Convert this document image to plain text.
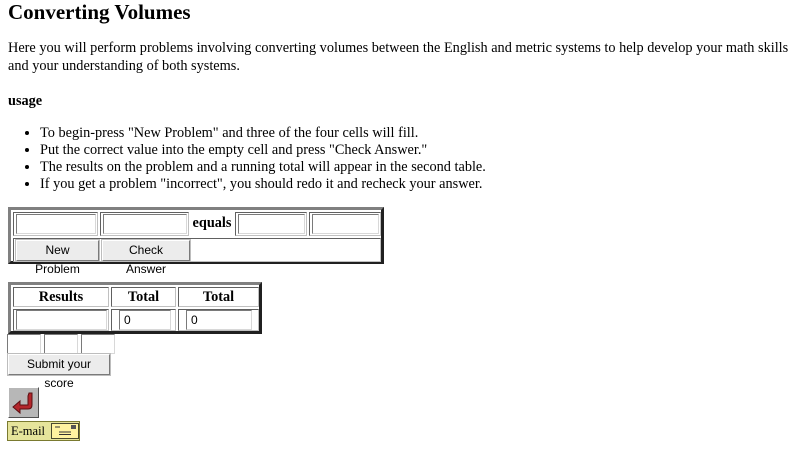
Converting Volumes

Here you will perform problems involving converting volumes between the English and metric systems to help develop your math skills and your understanding of both systems.

usage

• To begin-press "New Problem" and three of the four cells will fill.
• Put the correct value into the empty cell and press "Check Answer."
• The results on the problem and a running total will appear in the second table.
• If you get a problem "incorrect", you should redo it and recheck your answer.
equals
New Problem
Check Answer
Results	Total	Total
0
0
Submit your score
E-mail
